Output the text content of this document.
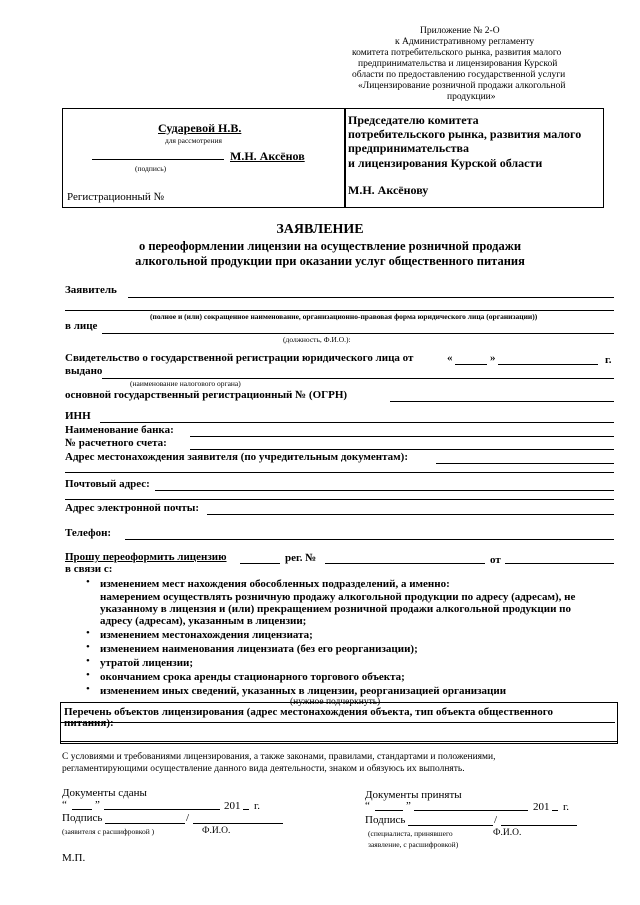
Приложение № 2-О
к Административному регламенту
комитета потребительского рынка, развития малого
предпринимательства и лицензирования Курской
области по предоставлению государственной услуги
«Лицензирование розничной продажи алкогольной
продукции»
Сударевой Н.В.
для рассмотрения
М.Н. Аксёнов
(подпись)
Регистрационный №
Председателю комитета
потребительского рынка, развития малого
предпринимательства
и лицензирования Курской области
М.Н. Аксёнову
ЗАЯВЛЕНИЕ
о переоформлении лицензии на осуществление розничной продажи
алкогольной продукции при оказании услуг общественного питания
Заявитель
(полное и (или) сокращенное наименование, организационно-правовая форма юридического лица (организации))
в лице
(должность, Ф.И.О.):
Свидетельство о государственной регистрации юридического лица от	«	»	г.
выдано
(наименование налогового органа)
основной государственный регистрационный № (ОГРН)
ИНН
Наименование банка:
№ расчетного счета:
Адрес местонахождения заявителя (по учредительным документам):
Почтовый адрес:
Адрес электронной почты:
Телефон:
Прошу переоформить лицензию	рег. №	от
в связи с:
• изменением мест нахождения обособленных подразделений, а именно:
намерением осуществлять розничную продажу алкогольной продукции по адресу (адресам), не
указанному в лицензия и (или) прекращением розничной продажи алкогольной продукции по
адресу (адресам), указанным в лицензии;
• изменением местонахождения лицензиата;
• изменением наименования лицензиата (без его реорганизации);
• утратой лицензии;
• окончанием срока аренды стационарного торгового объекта;
• изменением иных сведений, указанных в лицензии, реорганизацией организации
(нужное подчеркнуть)
Перечень объектов лицензирования (адрес местонахождения объекта, тип объекта общественного
питания):
С условиями и требованиями лицензирования, а также законами, правилами, стандартами и положениями,
регламентирующими осуществление данного вида деятельности, знаком и обязуюсь их выполнять.
Документы сданы
“	”	201 г.
Подпись	/
(заявителя с расшифровкой )	Ф.И.О.
М.П.
Документы приняты
“	”	201 г.
Подпись	/
(специалиста, принявшего
заявление, с расшифровкой)
Ф.И.О.
